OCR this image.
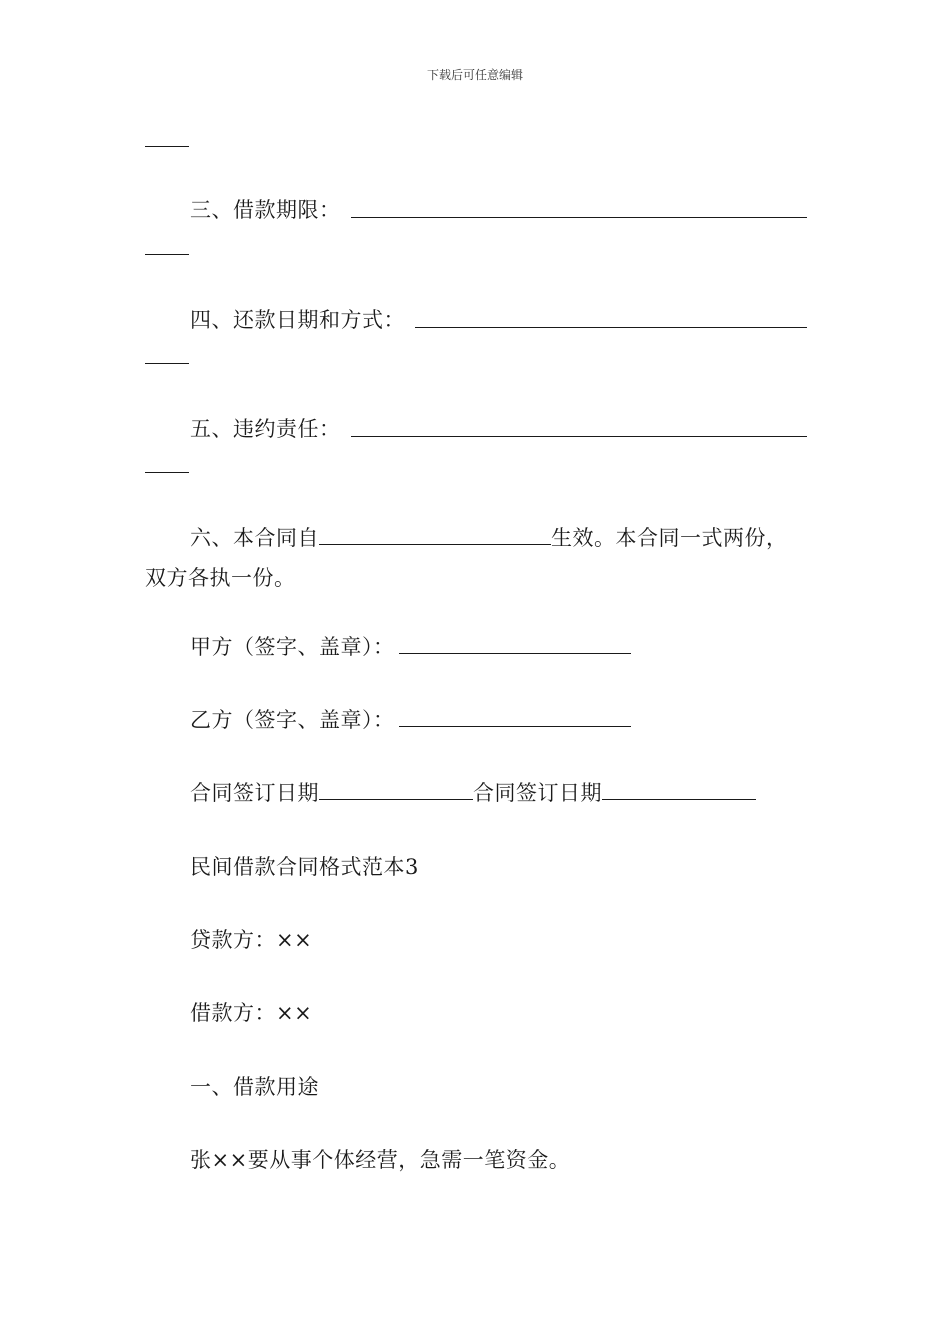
下载后可任意编辑
三、借款期限：
四、还款日期和方式：
五、违约责任：
六、本合同自	生效。本合同一式两份，
双方各执一份。
甲方（签字、盖章）：
乙方（签字、盖章）：
合同签订日期	合同签订日期
民间借款合同格式范本3
贷款方：××
借款方：××
一、借款用途
张××要从事个体经营，急需一笔资金。
